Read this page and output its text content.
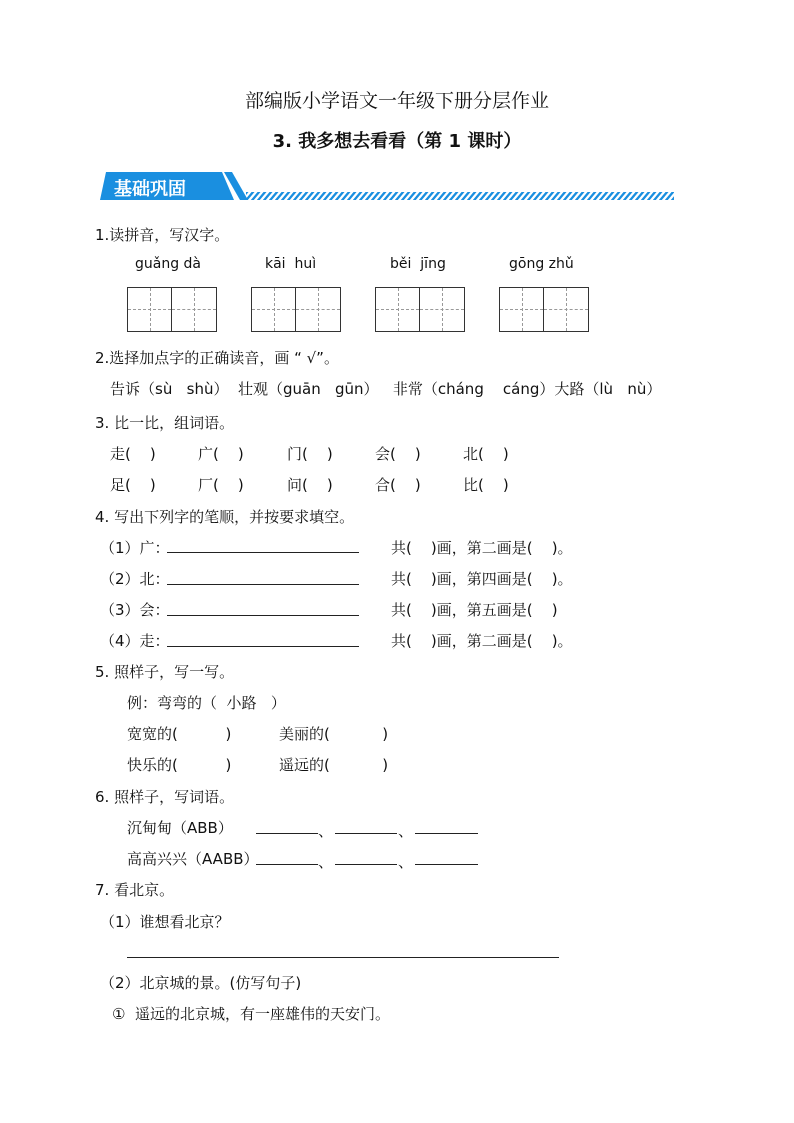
部编版小学语文一年级下册分层作业
3. 我多想去看看（第 1 课时）
基础巩固
1.读拼音，写汉字。
guǎng dà	kāi  huì	běi  jīng	gōng zhǔ
2.选择加点字的正确读音，画 “ √”。
告诉（sù   shù）  壮观（guān   gūn）   非常（cháng    cáng）大路（lù   nù）
3. 比一比，组词语。
走(    )	广(    )	门(    )	会(    )	北(    )
足(    )	厂(    )	问(    )	合(    )	比(    )
4. 写出下列字的笔顺，并按要求填空。
（1）广：	共(    )画，第二画是(    )。
（2）北：	共(    )画，第四画是(    )。
（3）会：	共(    )画，第五画是(    )
（4）走：	共(    )画，第二画是(    )。
5. 照样子，写一写。
例：弯弯的（  小路   ）
宽宽的(          )	美丽的(           )
快乐的(          )	遥远的(           )
6. 照样子，写词语。
沉甸甸（ABB）	、	、
高高兴兴（AABB）	、	、
7. 看北京。
（1）谁想看北京？
（2）北京城的景。(仿写句子)
①  遥远的北京城，有一座雄伟的天安门。
